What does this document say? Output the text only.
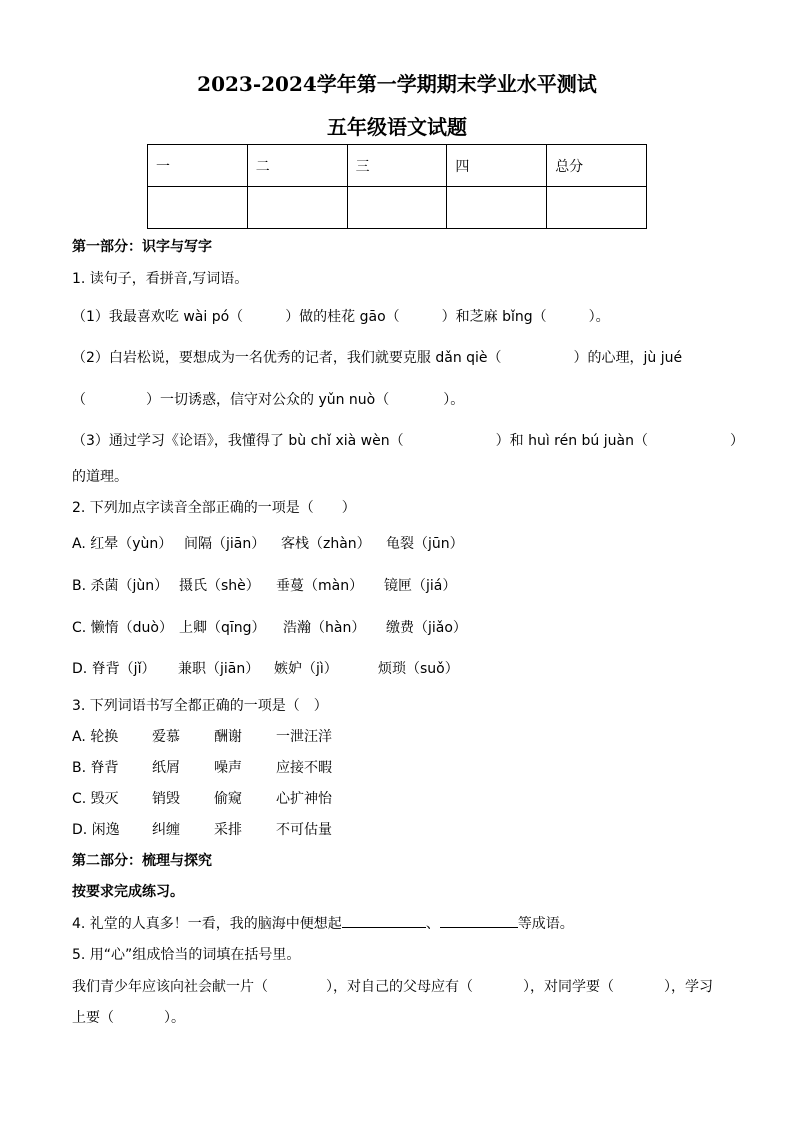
2023-2024学年第一学期期末学业水平测试
五年级语文试题
一	二	三	四	总分

第一部分：识字与写字
1. 读句子，看拼音,写词语。
（1）我最喜欢吃 wài pó（	）做的桂花 gāo（	）和芝麻 bǐng（	）。
（2）白岩松说，要想成为一名优秀的记者，我们就要克服 dǎn qiè（	）的心理，jù jué
（	）一切诱惑，信守对公众的 yǔn nuò（	）。
（3）通过学习《论语》，我懂得了 bù chǐ xià wèn（	）和 huì rén bú juàn（	）
的道理。
2. 下列加点字读音全部正确的一项是（　　）
A. 红晕（yùn） 间隔（jiān） 客栈（zhàn） 龟裂（jūn）
B. 杀菌（jùn） 摄氏（shè） 垂蔓（màn） 镜匣（jiá）
C. 懒惰（duò） 上卿（qīng） 浩瀚（hàn） 缴费（jiǎo）
D. 脊背（jǐ） 兼职（jiān） 嫉妒（jì）	烦琐（suǒ）
3. 下列词语书写全都正确的一项是（　）
A. 轮换 爱慕 酬谢 一泄汪洋
B. 脊背 纸屑 噪声 应接不暇
C. 毁灭 销毁 偷窥 心扩神怡
D. 闲逸 纠缠 采排 不可估量
第二部分：梳理与探究
按要求完成练习。
4. 礼堂的人真多！一看，我的脑海中便想起	、	等成语。
5. 用“心”组成恰当的词填在括号里。
我们青少年应该向社会献一片（	），对自己的父母应有（	），对同学要（	），学习
上要（	）。
